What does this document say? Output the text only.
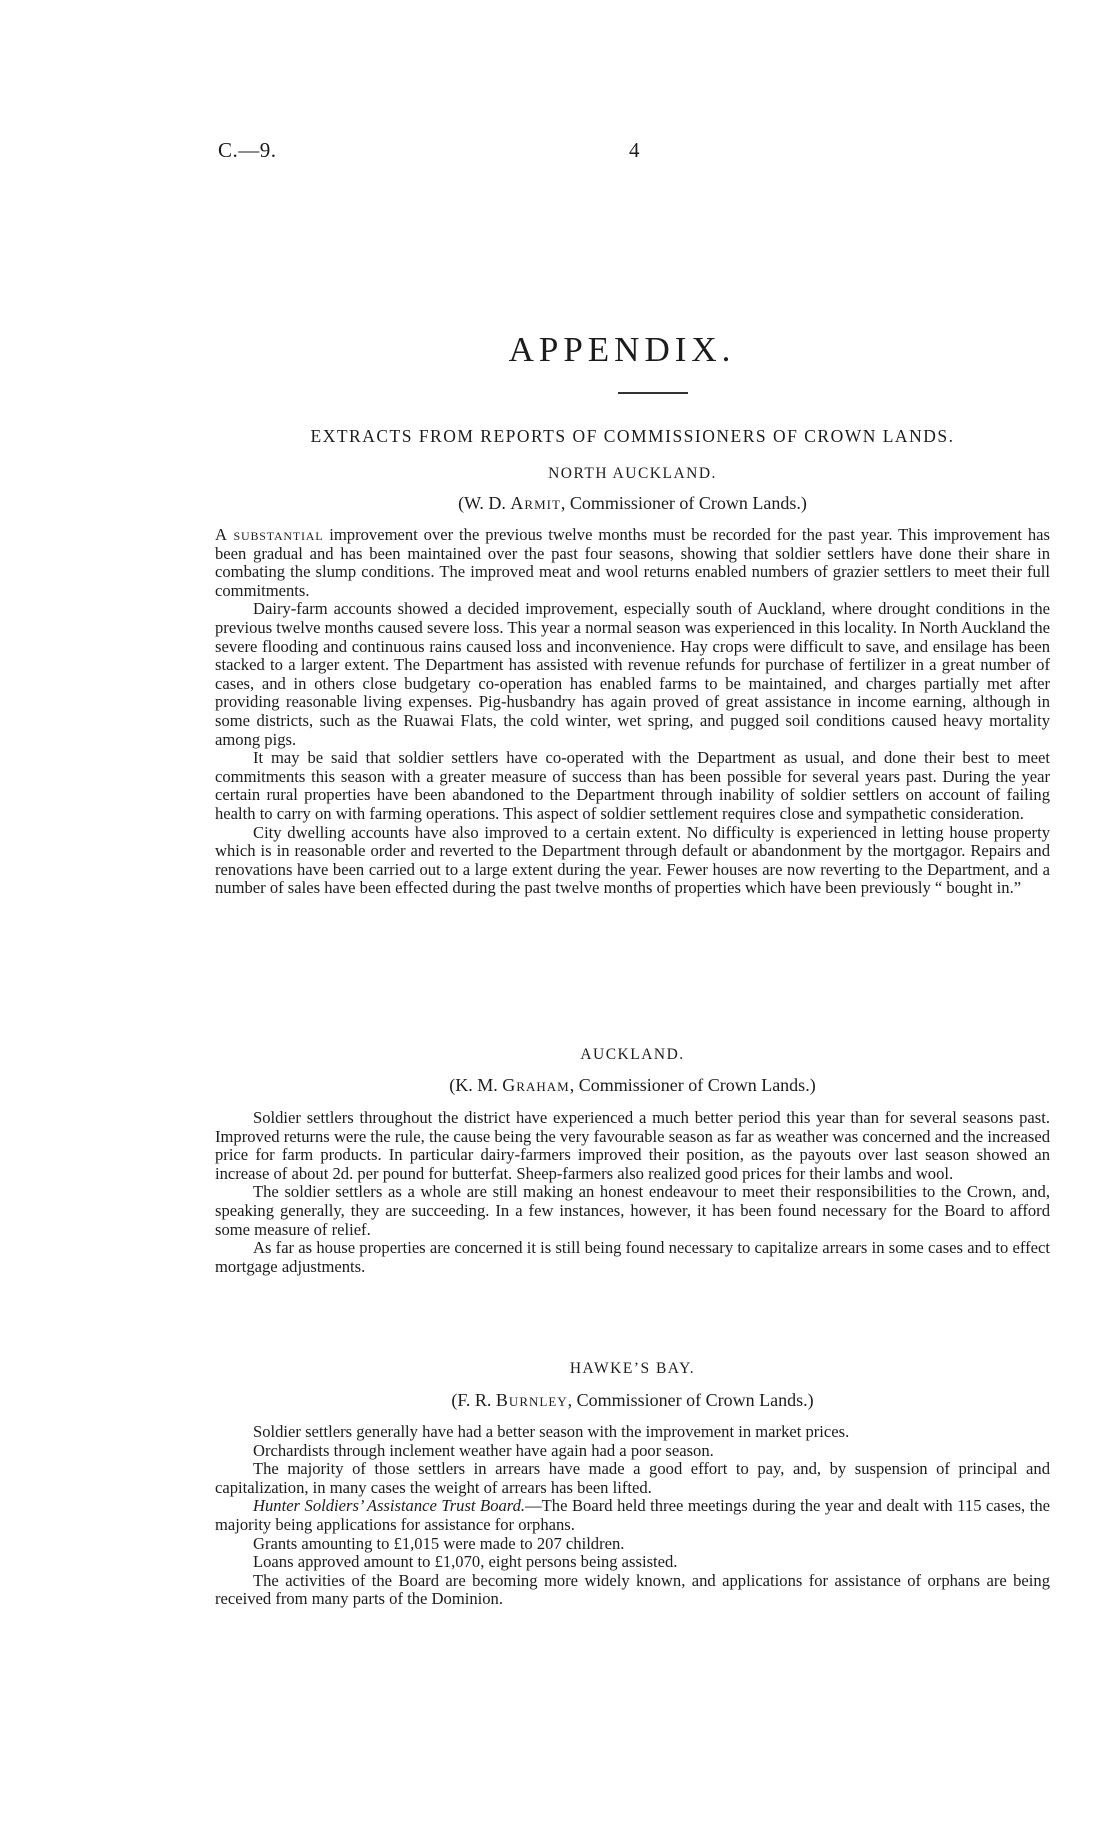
C.—9.	4
APPENDIX.
EXTRACTS FROM REPORTS OF COMMISSIONERS OF CROWN LANDS.
NORTH AUCKLAND.
(W. D. Armit, Commissioner of Crown Lands.)

A substantial improvement over the previous twelve months must be recorded for the past year. This improvement has been gradual and has been maintained over the past four seasons, showing that soldier settlers have done their share in combating the slump conditions. The improved meat and wool returns enabled numbers of grazier settlers to meet their full commitments.

Dairy-farm accounts showed a decided improvement, especially south of Auckland, where drought conditions in the previous twelve months caused severe loss. This year a normal season was experienced in this locality. In North Auckland the severe flooding and continuous rains caused loss and inconvenience. Hay crops were difficult to save, and ensilage has been stacked to a larger extent. The Department has assisted with revenue refunds for purchase of fertilizer in a great number of cases, and in others close budgetary co-operation has enabled farms to be maintained, and charges partially met after providing reasonable living expenses. Pig-husbandry has again proved of great assistance in income earning, although in some districts, such as the Ruawai Flats, the cold winter, wet spring, and pugged soil conditions caused heavy mortality among pigs.

It may be said that soldier settlers have co-operated with the Department as usual, and done their best to meet commitments this season with a greater measure of success than has been possible for several years past. During the year certain rural properties have been abandoned to the Department through inability of soldier settlers on account of failing health to carry on with farming operations. This aspect of soldier settlement requires close and sympathetic consideration.

City dwelling accounts have also improved to a certain extent. No difficulty is experienced in letting house property which is in reasonable order and reverted to the Department through default or abandonment by the mortgagor. Repairs and renovations have been carried out to a large extent during the year. Fewer houses are now reverting to the Department, and a number of sales have been effected during the past twelve months of properties which have been previously “ bought in.”

AUCKLAND.
(K. M. Graham, Commissioner of Crown Lands.)

Soldier settlers throughout the district have experienced a much better period this year than for several seasons past. Improved returns were the rule, the cause being the very favourable season as far as weather was concerned and the increased price for farm products. In particular dairy-farmers improved their position, as the payouts over last season showed an increase of about 2d. per pound for butterfat. Sheep-farmers also realized good prices for their lambs and wool.

The soldier settlers as a whole are still making an honest endeavour to meet their responsibilities to the Crown, and, speaking generally, they are succeeding. In a few instances, however, it has been found necessary for the Board to afford some measure of relief.

As far as house properties are concerned it is still being found necessary to capitalize arrears in some cases and to effect mortgage adjustments.

HAWKE’S BAY.
(F. R. Burnley, Commissioner of Crown Lands.)

Soldier settlers generally have had a better season with the improvement in market prices.

Orchardists through inclement weather have again had a poor season.

The majority of those settlers in arrears have made a good effort to pay, and, by suspension of principal and capitalization, in many cases the weight of arrears has been lifted.

Hunter Soldiers’ Assistance Trust Board.—The Board held three meetings during the year and dealt with 115 cases, the majority being applications for assistance for orphans.

Grants amounting to £1,015 were made to 207 children.

Loans approved amount to £1,070, eight persons being assisted.

The activities of the Board are becoming more widely known, and applications for assistance of orphans are being received from many parts of the Dominion.
